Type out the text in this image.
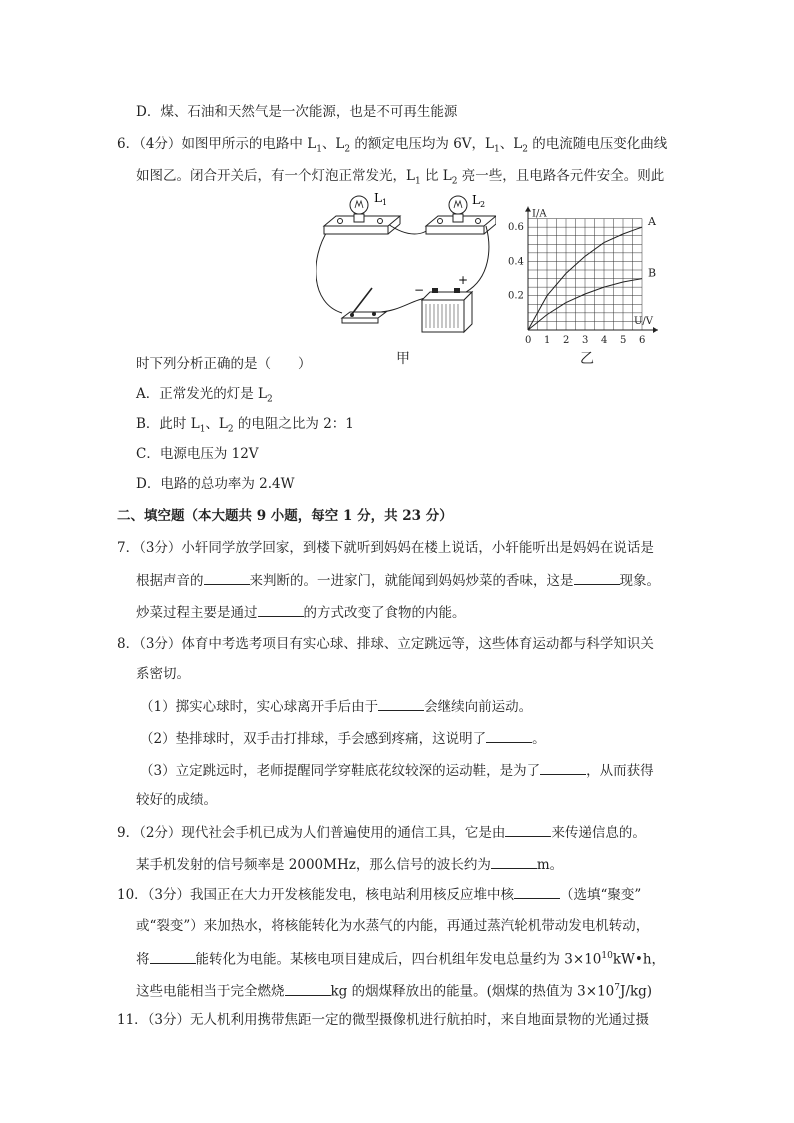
D．煤、石油和天然气是一次能源，也是不可再生能源
6．（4分）如图甲所示的电路中 $L_1$、$L_2$ 的额定电压均为 6V，$L_1$、$L_2$ 的电流随电压变化曲线
如图乙。闭合开关后，有一个灯泡正常发光，$L_1$ 比 $L_2$ 亮一些，且电路各元件安全。则此
$L_1$	$L_2$
−
+
0 1 2 3 4 5 6
0.2
0.4
0.6
U/V
I/A
A
B
甲	乙
时下列分析正确的是（　　）
A．正常发光的灯是 $L_2$
B．此时 $L_1$、$L_2$ 的电阻之比为 2：1
C．电源电压为 12V
D．电路的总功率为 2.4W
二、填空题（本大题共 9 小题，每空 1 分，共 23 分）
7．（3分）小轩同学放学回家，到楼下就听到妈妈在楼上说话，小轩能听出是妈妈在说话是
根据声音的	来判断的。一进家门，就能闻到妈妈炒菜的香味，这是	现象。
炒菜过程主要是通过	的方式改变了食物的内能。
8．（3分）体育中考选考项目有实心球、排球、立定跳远等，这些体育运动都与科学知识关
系密切。
（1）掷实心球时，实心球离开手后由于	会继续向前运动。
（2）垫排球时，双手击打排球，手会感到疼痛，这说明了	。
（3）立定跳远时，老师提醒同学穿鞋底花纹较深的运动鞋，是为了	，从而获得
较好的成绩。
9．（2分）现代社会手机已成为人们普遍使用的通信工具，它是由	来传递信息的。
某手机发射的信号频率是 2000MHz，那么信号的波长约为	m。
10．（3分）我国正在大力开发核能发电，核电站利用核反应堆中核	（选填“聚变”
或“裂变”）来加热水，将核能转化为水蒸气的内能，再通过蒸汽轮机带动发电机转动，
将	能转化为电能。某核电项目建成后，四台机组年发电总量约为 $3\times 10^{10}kW•h$，
这些电能相当于完全燃烧	kg 的烟煤释放出的能量。(烟煤的热值为 $3\times 10^7J/kg$)
11．（3分）无人机利用携带焦距一定的微型摄像机进行航拍时，来自地面景物的光通过摄
